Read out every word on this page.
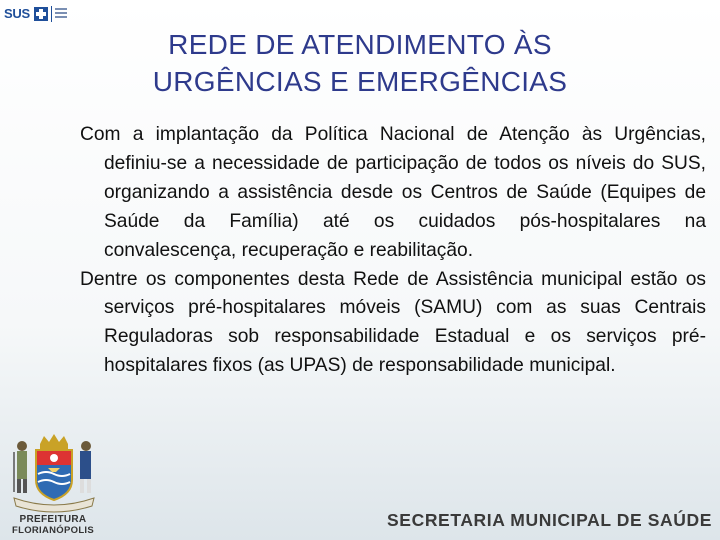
SUS
REDE DE ATENDIMENTO ÀS
URGÊNCIAS E EMERGÊNCIAS

Com a implantação da Política Nacional de Atenção às Urgências, definiu-se a necessidade de participação de todos os níveis do SUS, organizando a assistência desde os Centros de Saúde (Equipes de Saúde da Família) até os cuidados pós-hospitalares na convalescença, recuperação e reabilitação.

Dentre os componentes desta Rede de Assistência municipal estão os serviços pré-hospitalares móveis (SAMU) com as suas Centrais Reguladoras sob responsabilidade Estadual e os serviços pré-hospitalares fixos (as UPAS) de responsabilidade municipal.

PREFEITURA
FLORIANÓPOLIS
SECRETARIA MUNICIPAL DE SAÚDE
